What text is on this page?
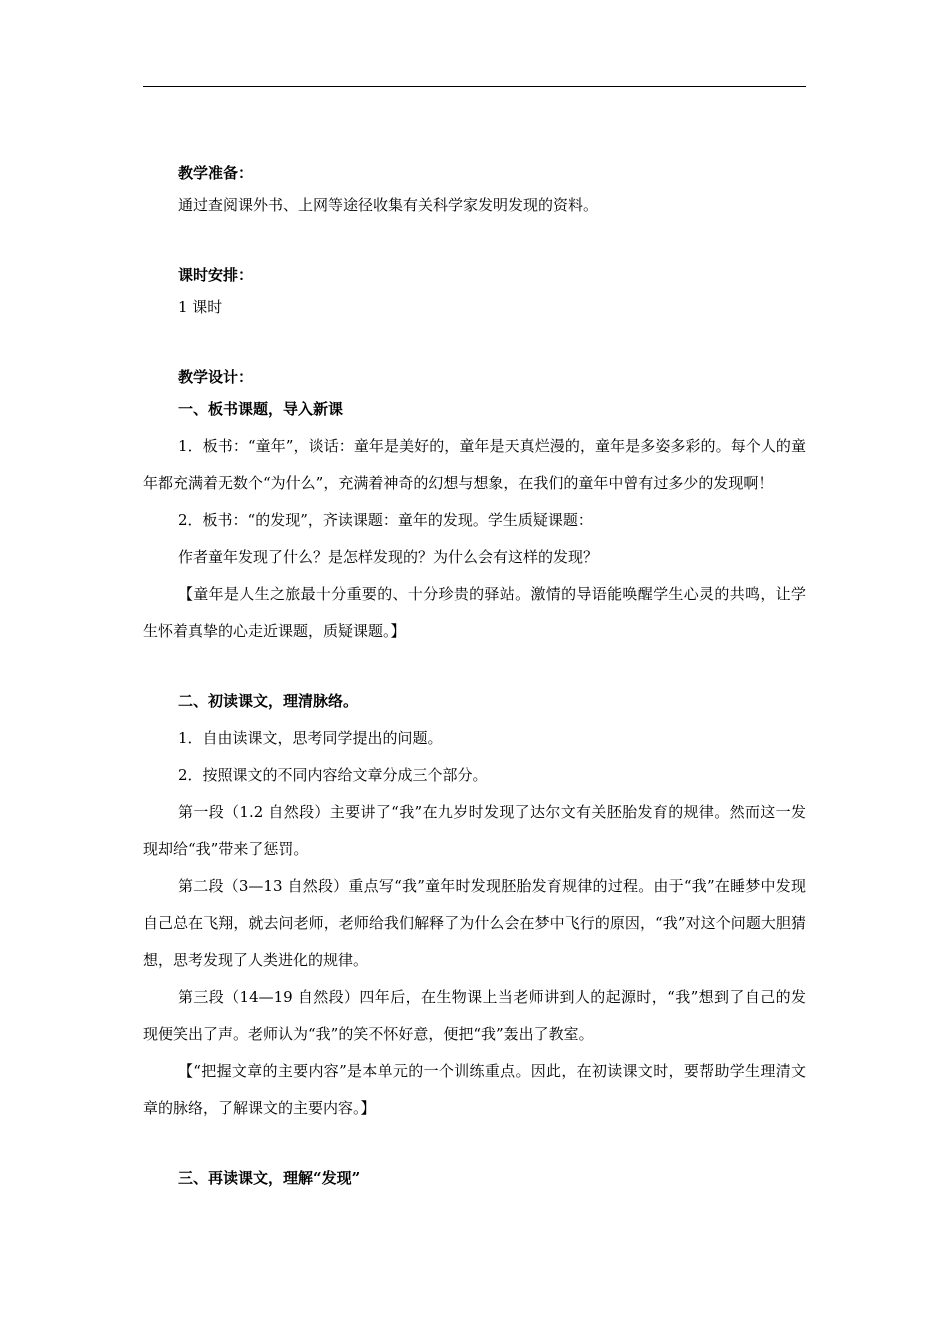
教学准备：
通过查阅课外书、上网等途径收集有关科学家发明发现的资料。
课时安排：
1 课时
教学设计：
一、板书课题，导入新课
1．板书：“童年”，谈话：童年是美好的，童年是天真烂漫的，童年是多姿多彩的。每个人的童年都充满着无数个“为什么”，充满着神奇的幻想与想象，在我们的童年中曾有过多少的发现啊！
2．板书：“的发现”，齐读课题：童年的发现。学生质疑课题：
作者童年发现了什么？是怎样发现的？为什么会有这样的发现？
【童年是人生之旅最十分重要的、十分珍贵的驿站。激情的导语能唤醒学生心灵的共鸣，让学生怀着真挚的心走近课题，质疑课题。】
二、初读课文，理清脉络。
1．自由读课文，思考同学提出的问题。
2．按照课文的不同内容给文章分成三个部分。
第一段（1.2 自然段）主要讲了“我”在九岁时发现了达尔文有关胚胎发育的规律。然而这一发现却给“我”带来了惩罚。
第二段（3—13 自然段）重点写“我”童年时发现胚胎发育规律的过程。由于“我”在睡梦中发现自己总在飞翔，就去问老师，老师给我们解释了为什么会在梦中飞行的原因，“我”对这个问题大胆猜想，思考发现了人类进化的规律。
第三段（14—19 自然段）四年后，在生物课上当老师讲到人的起源时，“我”想到了自己的发现便笑出了声。老师认为“我”的笑不怀好意，便把“我”轰出了教室。
【“把握文章的主要内容”是本单元的一个训练重点。因此，在初读课文时，要帮助学生理清文章的脉络，了解课文的主要内容。】
三、再读课文，理解“发现”
